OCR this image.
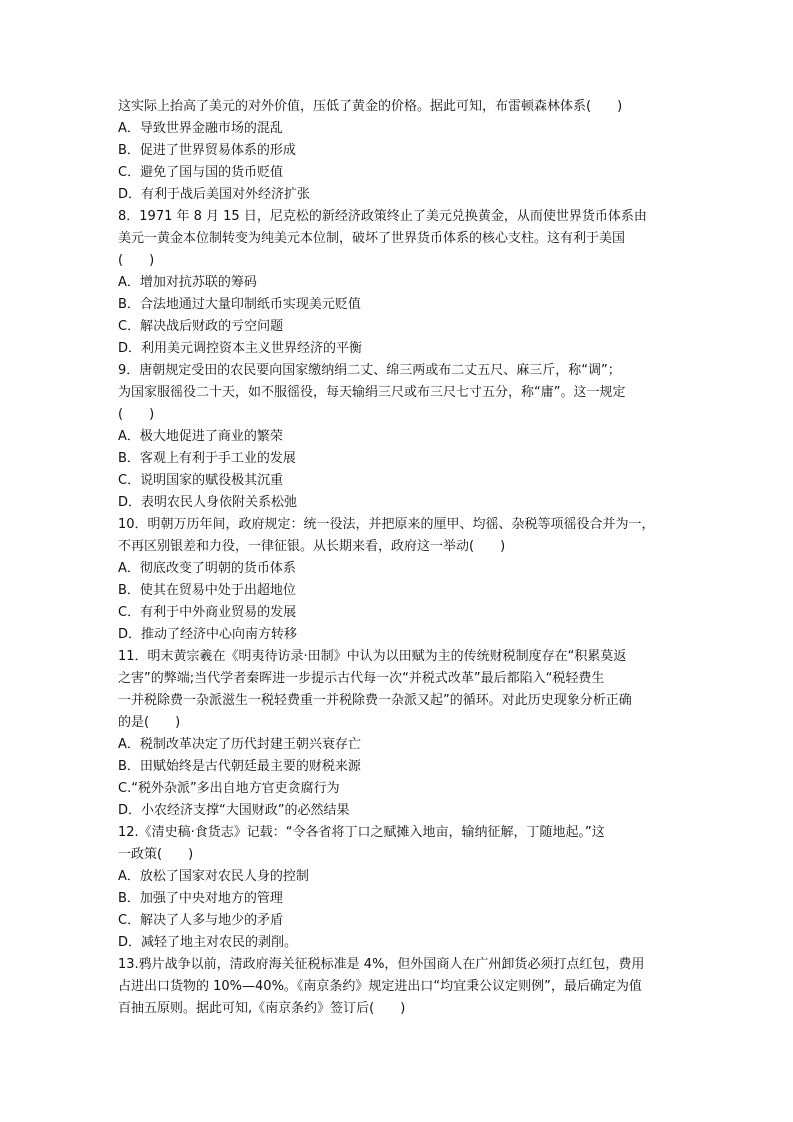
这实际上抬高了美元的对外价值，压低了黄金的价格。据此可知，布雷顿森林体系(　　)
A．导致世界金融市场的混乱
B．促进了世界贸易体系的形成
C．避免了国与国的货币贬值
D．有利于战后美国对外经济扩张
8．1971 年 8 月 15 日，尼克松的新经济政策终止了美元兑换黄金，从而使世界货币体系由
美元一黄金本位制转变为纯美元本位制，破坏了世界货币体系的核心支柱。这有利于美国
(　　)
A．增加对抗苏联的筹码
B．合法地通过大量印制纸币实现美元贬值
C．解决战后财政的亏空问题
D．利用美元调控资本主义世界经济的平衡
9．唐朝规定受田的农民要向国家缴纳绢二丈、绵三两或布二丈五尺、麻三斤，称“调”；
为国家服徭役二十天，如不服徭役，每天输绢三尺或布三尺七寸五分，称“庸”。这一规定
(　　)
A．极大地促进了商业的繁荣
B．客观上有利于手工业的发展
C．说明国家的赋役极其沉重
D．表明农民人身依附关系松弛
10．明朝万历年间，政府规定：统一役法，并把原来的厘甲、均徭、杂税等项徭役合并为一，
不再区别银差和力役，一律征银。从长期来看，政府这一举动(　　)
A．彻底改变了明朝的货币体系
B．使其在贸易中处于出超地位
C．有利于中外商业贸易的发展
D．推动了经济中心向南方转移
11．明末黄宗羲在《明夷待访录·田制》中认为以田赋为主的传统财税制度存在“积累莫返
之害”的弊端;当代学者秦晖进一步提示古代每一次“并税式改革”最后都陷入“税轻费生
一并税除费一杂派滋生一税轻费重一并税除费一杂派又起”的循环。对此历史现象分析正确
的是(　　)
A．税制改革决定了历代封建王朝兴衰存亡
B．田赋始终是古代朝廷最主要的财税来源
C.“税外杂派”多出自地方官吏贪腐行为
D．小农经济支撑“大国财政”的必然结果
12.《清史稿·食货志》记载：“令各省将丁口之赋摊入地亩，输纳征解，丁随地起。”这
一政策(　　)
A．放松了国家对农民人身的控制
B．加强了中央对地方的管理
C．解决了人多与地少的矛盾
D．减轻了地主对农民的剥削。
13.鸦片战争以前，清政府海关征税标准是 4%，但外国商人在广州卸货必须打点红包，费用
占进出口货物的 10%—40%。《南京条约》规定进出口“均宜秉公议定则例”，最后确定为值
百抽五原则。据此可知,《南京条约》签订后(　　)
